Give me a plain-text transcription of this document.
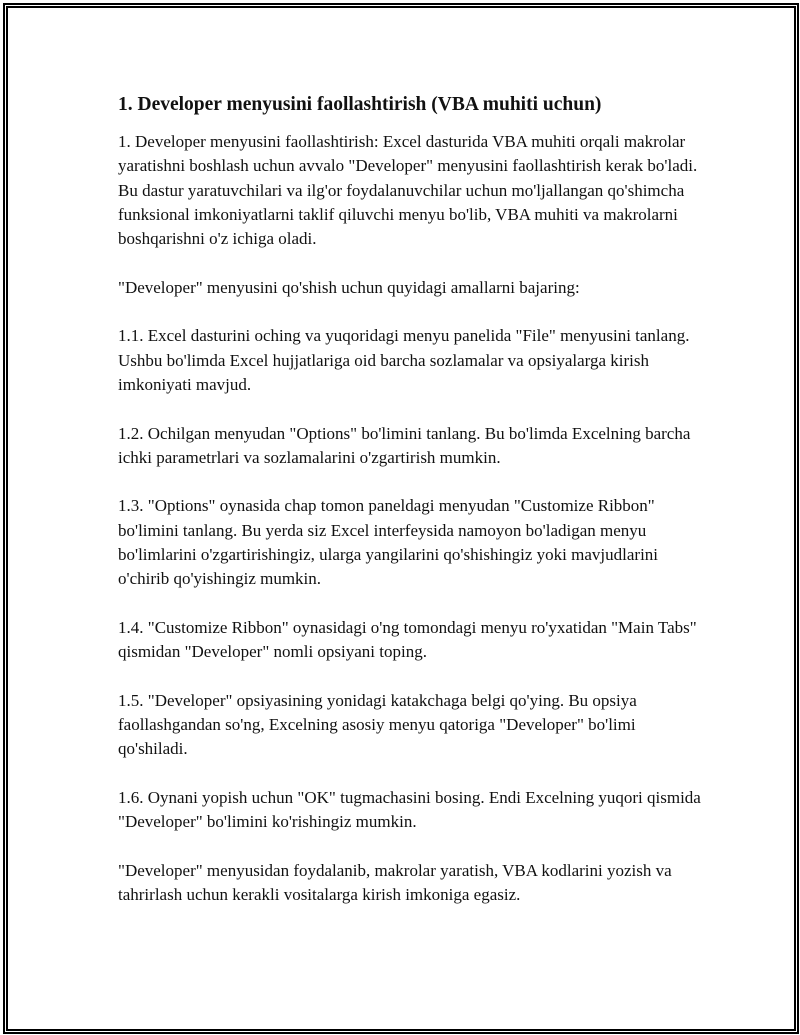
1. Developer menyusini faollashtirish (VBA muhiti uchun)

1. Developer menyusini faollashtirish: Excel dasturida VBA muhiti orqali makrolar yaratishni boshlash uchun avvalo "Developer" menyusini faollashtirish kerak bo'ladi. Bu dastur yaratuvchilari va ilg'or foydalanuvchilar uchun mo'ljallangan qo'shimcha funksional imkoniyatlarni taklif qiluvchi menyu bo'lib, VBA muhiti va makrolarni boshqarishni o'z ichiga oladi.

"Developer" menyusini qo'shish uchun quyidagi amallarni bajaring:

1.1. Excel dasturini oching va yuqoridagi menyu panelida "File" menyusini tanlang. Ushbu bo'limda Excel hujjatlariga oid barcha sozlamalar va opsiyalarga kirish imkoniyati mavjud.

1.2. Ochilgan menyudan "Options" bo'limini tanlang. Bu bo'limda Excelning barcha ichki parametrlari va sozlamalarini o'zgartirish mumkin.

1.3. "Options" oynasida chap tomon paneldagi menyudan "Customize Ribbon" bo'limini tanlang. Bu yerda siz Excel interfeysida namoyon bo'ladigan menyu bo'limlarini o'zgartirishingiz, ularga yangilarini qo'shishingiz yoki mavjudlarini o'chirib qo'yishingiz mumkin.

1.4. "Customize Ribbon" oynasidagi o'ng tomondagi menyu ro'yxatidan "Main Tabs" qismidan "Developer" nomli opsiyani toping.

1.5. "Developer" opsiyasining yonidagi katakchaga belgi qo'ying. Bu opsiya faollashgandan so'ng, Excelning asosiy menyu qatoriga "Developer" bo'limi qo'shiladi.

1.6. Oynani yopish uchun "OK" tugmachasini bosing. Endi Excelning yuqori qismida "Developer" bo'limini ko'rishingiz mumkin.

"Developer" menyusidan foydalanib, makrolar yaratish, VBA kodlarini yozish va tahrirlash uchun kerakli vositalarga kirish imkoniga egasiz.
